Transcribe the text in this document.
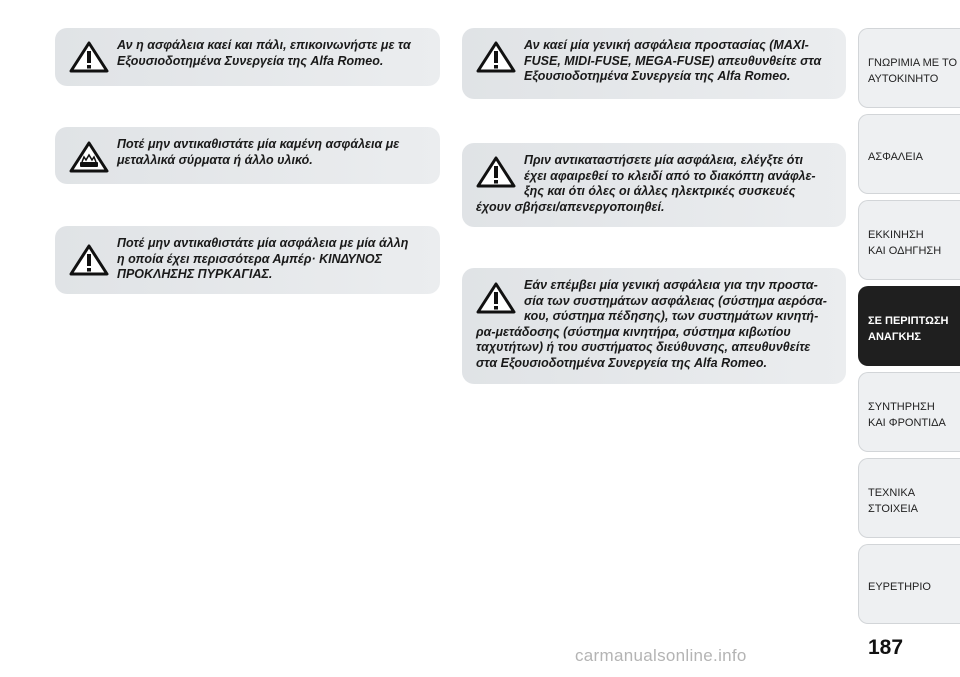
Αν η ασφάλεια καεί και πάλι, επικοινωνήστε με τα
Εξουσιοδοτημένα Συνεργεία της Alfa Romeo.
Ποτέ μην αντικαθιστάτε μία καμένη ασφάλεια με
μεταλλικά σύρματα ή άλλο υλικό.
Ποτέ μην αντικαθιστάτε μία ασφάλεια με μία άλλη
η οποία έχει περισσότερα Αμπέρ· ΚΙΝΔΥΝΟΣ
ΠΡΟΚΛΗΣΗΣ ΠΥΡΚΑΓΙΑΣ.
Αν καεί μία γενική ασφάλεια προστασίας (MAXI-
FUSE, MIDI-FUSE, MEGA-FUSE) απευθυνθείτε στα
Εξουσιοδοτημένα Συνεργεία της Alfa Romeo.
Πριν αντικαταστήσετε μία ασφάλεια, ελέγξτε ότι
έχει αφαιρεθεί το κλειδί από το διακόπτη ανάφλε-
ξης και ότι όλες οι άλλες ηλεκτρικές συσκευές
έχουν σβήσει/απενεργοποιηθεί.
Εάν επέμβει μία γενική ασφάλεια για την προστα-
σία των συστημάτων ασφάλειας (σύστημα αερόσα-
κου, σύστημα πέδησης), των συστημάτων κινητή-
ρα-μετάδοσης (σύστημα κινητήρα, σύστημα κιβωτίου
ταχυτήτων) ή του συστήματος διεύθυνσης, απευθυνθείτε
στα Εξουσιοδοτημένα Συνεργεία της Alfa Romeo.
ΓΝΩΡΙΜΙΑ ΜΕ ΤΟ
ΑΥΤΟΚΙΝΗΤΟ
ΑΣΦΑΛΕΙΑ
ΕΚΚΙΝΗΣΗ
ΚΑΙ ΟΔΗΓΗΣΗ
ΣΕ ΠΕΡΙΠΤΩΣΗ
ΑΝΑΓΚΗΣ
ΣΥΝΤΗΡΗΣΗ
ΚΑΙ ΦΡΟΝΤΙΔΑ
ΤΕΧΝΙΚΑ
ΣΤΟΙΧΕΙΑ
ΕΥΡΕΤΗΡΙΟ
187
carmanualsonline.info
